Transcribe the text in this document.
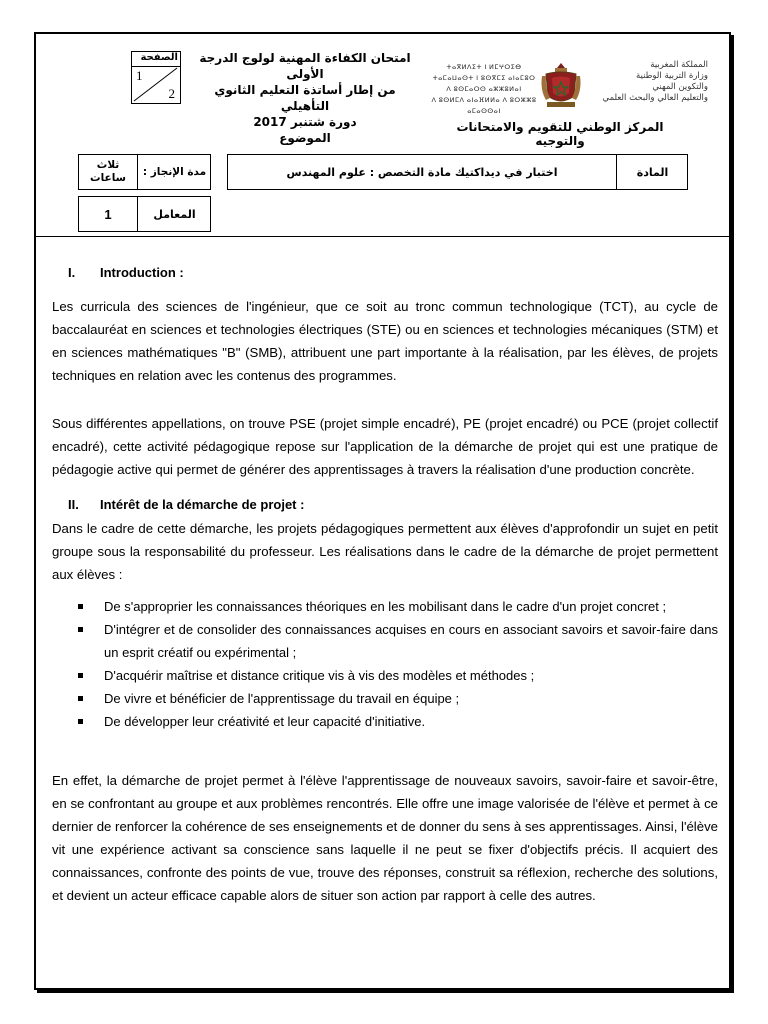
الصفحة
1
2
امتحان الكفاءة المهنية لولوج الدرجة الأولى
من إطار أساتذة التعليم الثانوي التأهيلي
دورة شتنبر 2017
الموضوع
ⵜⴰⴳⵍⴷⵉⵜ ⵏ ⵍⵎⵖⵔⵉⴱ
ⵜⴰⵎⴰⵡⴰⵙⵜ ⵏ ⵓⵙⴳⵎⵉ ⴰⵏⴰⵎⵓⵔ
ⴷ ⵓⵙⵎⴰⵔⵙ ⴰⵣⵣⵓⵍⴰⵏ
ⴷ ⵓⵙⵍⵎⴷ ⴰⵏⴰⴼⵍⵍⴰ ⴷ ⵓⵔⵣⵣⵓ ⴰⵎⴰⵙⵙⴰⵏ
المملكة المغربية
وزارة التربية الوطنية
والتكوين المهني
والتعليم العالي والبحث العلمي
المركز الوطني للتقويم والامتحانات والتوجيه
ثلاث ساعات
مدة الإنجاز :
1	المعامل
اختبار في ديداكتيك مادة التخصص : علوم المهندس	المادة
I. Introduction :

Les curricula des sciences de l'ingénieur, que ce soit au tronc commun technologique (TCT), au cycle de baccalauréat en sciences et technologies électriques (STE) ou en sciences et technologies mécaniques (STM) et en sciences mathématiques "B" (SMB), attribuent une part importante à la réalisation, par les élèves, de projets techniques en relation avec les contenus des programmes.

Sous différentes appellations, on trouve PSE (projet simple encadré), PE (projet encadré) ou PCE (projet collectif encadré), cette activité pédagogique repose sur l'application de la démarche de projet qui est une pratique de pédagogie active qui permet de générer des apprentissages à travers la réalisation d'une production concrète.

II. Intérêt de la démarche de projet :

Dans le cadre de cette démarche, les projets pédagogiques permettent aux élèves d'approfondir un sujet en petit groupe sous la responsabilité du professeur. Les réalisations dans le cadre de la démarche de projet permettent aux élèves :

De s'approprier les connaissances théoriques en les mobilisant dans le cadre d'un projet concret ;
D'intégrer et de consolider des connaissances acquises en cours en associant savoirs et savoir-faire dans un esprit créatif ou expérimental ;
D'acquérir maîtrise et distance critique vis à vis des modèles et méthodes ;
De vivre et bénéficier de l'apprentissage du travail en équipe ;
De développer leur créativité et leur capacité d'initiative.

En effet, la démarche de projet permet à l'élève l'apprentissage de nouveaux savoirs, savoir-faire et savoir-être, en se confrontant au groupe et aux problèmes rencontrés. Elle offre une image valorisée de l'élève et permet à ce dernier de renforcer la cohérence de ses enseignements et de donner du sens à ses apprentissages. Ainsi, l'élève vit une expérience activant sa conscience sans laquelle il ne peut se fixer d'objectifs précis. Il acquiert des connaissances, confronte des points de vue, trouve des réponses, construit sa réflexion, recherche des solutions, et devient un acteur efficace capable alors de situer son action par rapport à celle des autres.
